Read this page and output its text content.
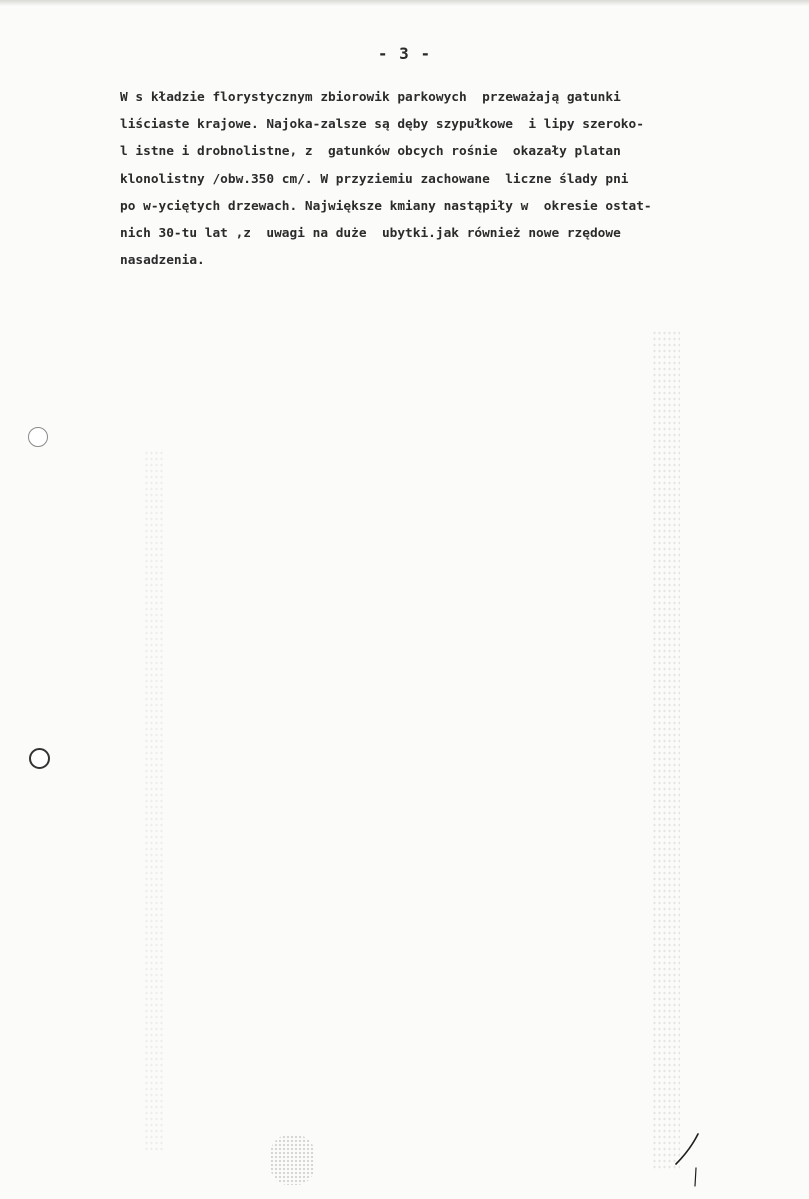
- 3 -
W s kładzie florystycznym zbiorowik parkowych  przeważają gatunki
liściaste krajowe. Najoka-zalsze są dęby szypułkowe  i lipy szeroko-
l istne i drobnolistne, z  gatunków obcych rośnie  okazały platan
klonolistny /obw.350 cm/. W przyziemiu zachowane  liczne ślady pni
po w-yciętych drzewach. Największe kmiany nastąpiły w  okresie ostat-
nich 30-tu lat ,z  uwagi na duże  ubytki.jak również nowe rzędowe
nasadzenia.
